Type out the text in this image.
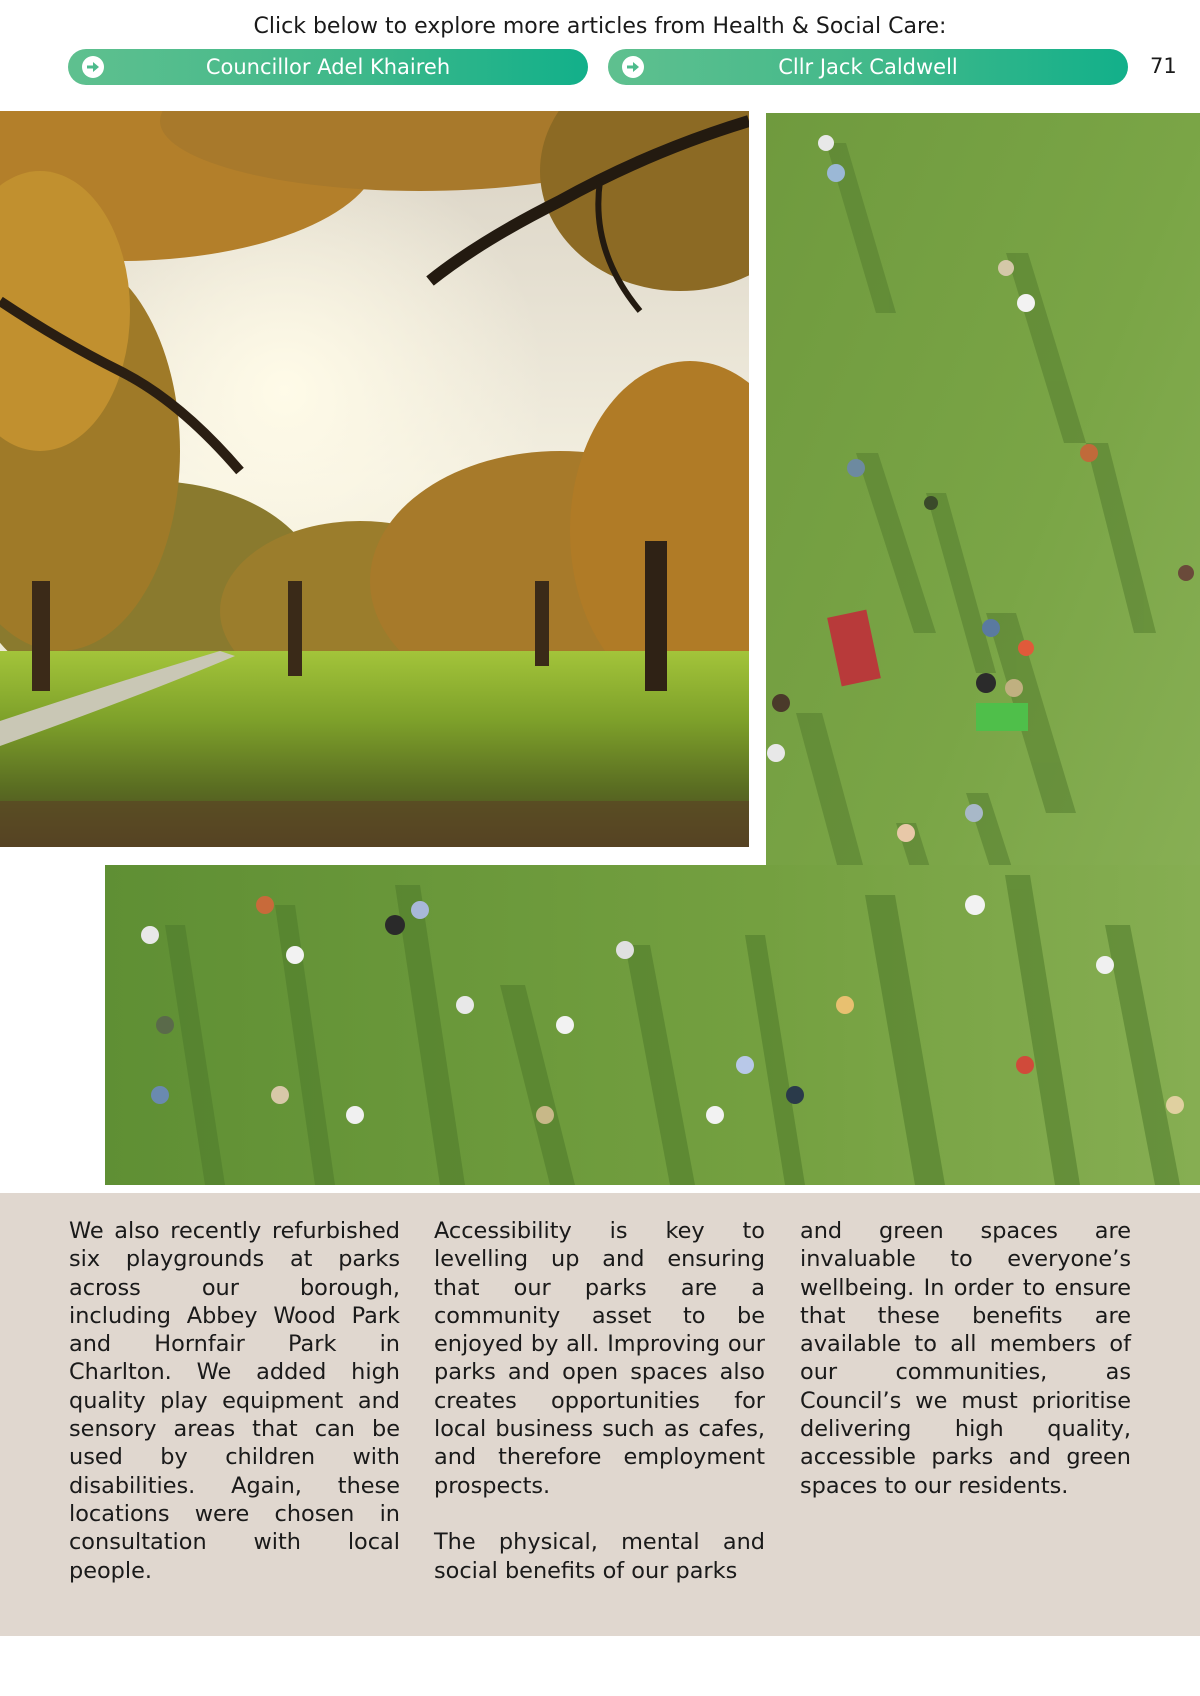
Click below to explore more articles from Health & Social Care:
Councillor Adel Khaireh	Cllr Jack Caldwell	71

We also recently refurbished six playgrounds at parks across our borough, including Abbey Wood Park and Hornfair Park in Charlton. We added high quality play equipment and sensory areas that can be used by children with disabilities. Again, these locations were chosen in consultation with local people.

Accessibility is key to levelling up and ensuring that our parks are a community asset to be enjoyed by all. Improving our parks and open spaces also creates opportunities for local business such as cafes, and therefore employment prospects.

The physical, mental and social benefits of our parks

and green spaces are invaluable to everyone’s wellbeing. In order to ensure that these benefits are available to all members of our communities, as Council’s we must prioritise delivering high quality, accessible parks and green spaces to our residents.
